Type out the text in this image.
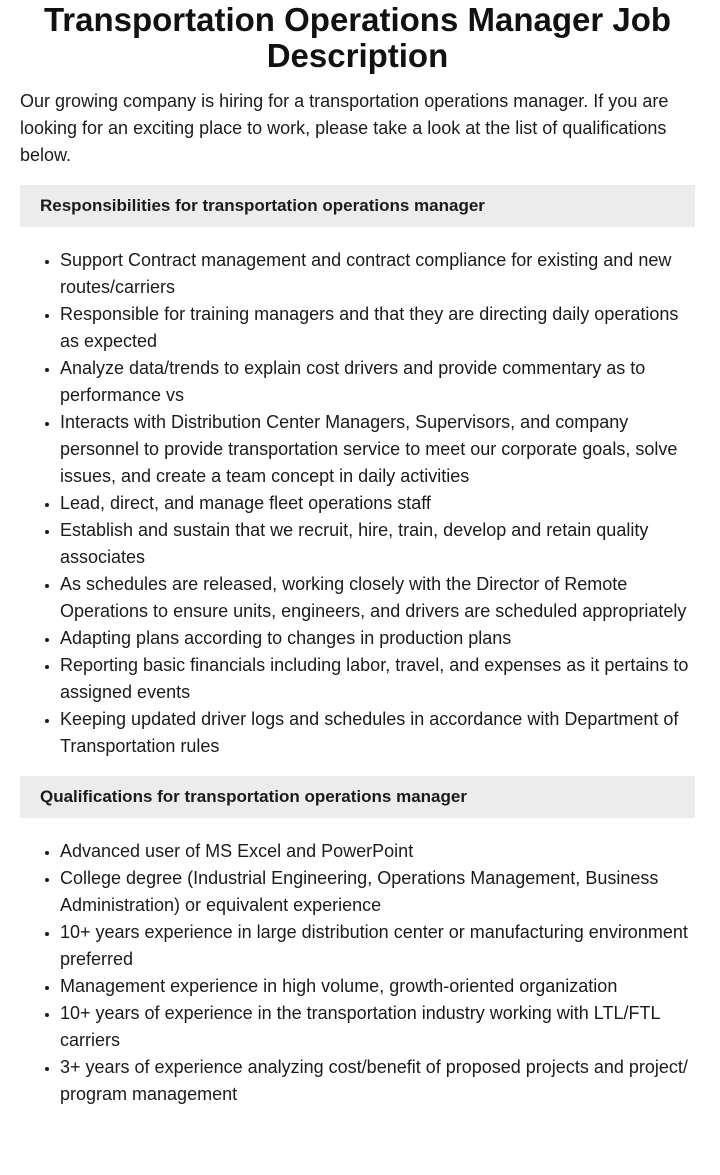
Transportation Operations Manager Job Description

Our growing company is hiring for a transportation operations manager. If you are looking for an exciting place to work, please take a look at the list of qualifications below.

Responsibilities for transportation operations manager
• Support Contract management and contract compliance for existing and new routes/carriers
• Responsible for training managers and that they are directing daily operations as expected
• Analyze data/trends to explain cost drivers and provide commentary as to performance vs
• Interacts with Distribution Center Managers, Supervisors, and company personnel to provide transportation service to meet our corporate goals, solve issues, and create a team concept in daily activities
• Lead, direct, and manage fleet operations staff
• Establish and sustain that we recruit, hire, train, develop and retain quality associates
• As schedules are released, working closely with the Director of Remote Operations to ensure units, engineers, and drivers are scheduled appropriately
• Adapting plans according to changes in production plans
• Reporting basic financials including labor, travel, and expenses as it pertains to assigned events
• Keeping updated driver logs and schedules in accordance with Department of Transportation rules
Qualifications for transportation operations manager
• Advanced user of MS Excel and PowerPoint
• College degree (Industrial Engineering, Operations Management, Business Administration) or equivalent experience
• 10+ years experience in large distribution center or manufacturing environment preferred
• Management experience in high volume, growth-oriented organization
• 10+ years of experience in the transportation industry working with LTL/FTL carriers
• 3+ years of experience analyzing cost/benefit of proposed projects and project/ program management
